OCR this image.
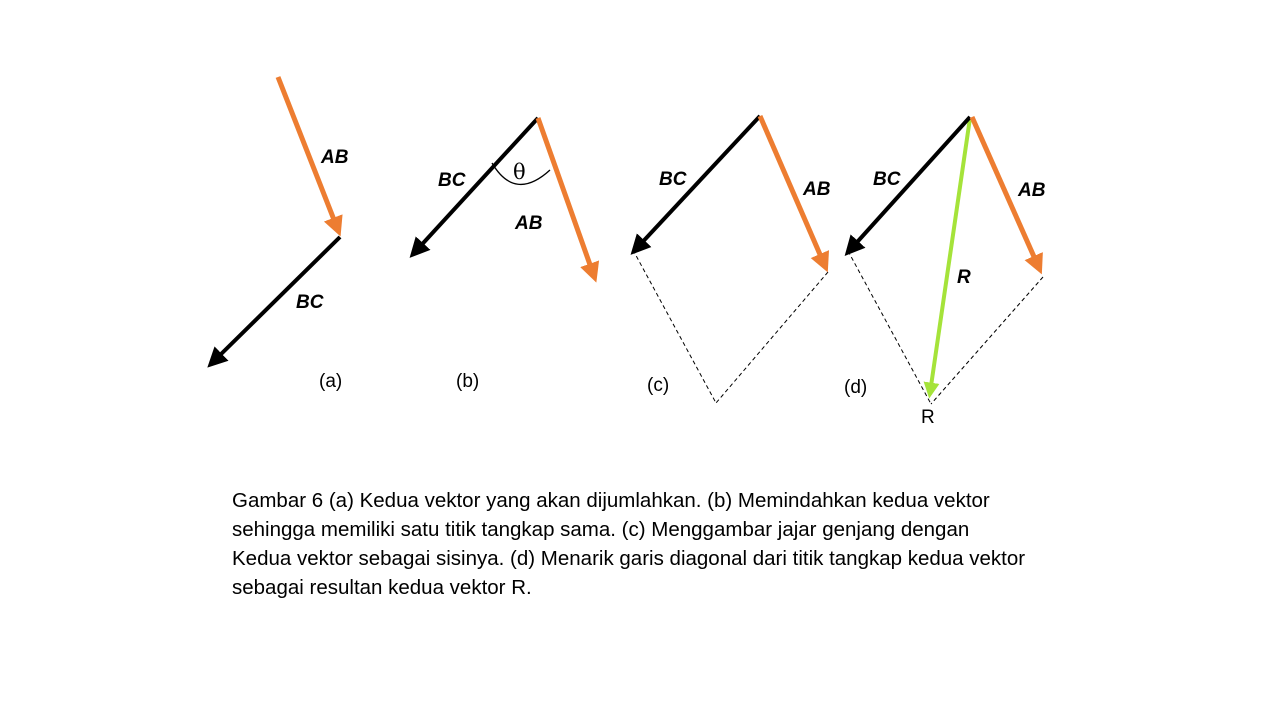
AB
BC
(a)
θ
BC
AB
(b)
BC	AB
(c)
BC
AB
R
R
(d)
Gambar 6 (a) Kedua vektor yang akan dijumlahkan. (b) Memindahkan kedua vektor
sehingga memiliki satu titik tangkap sama. (c) Menggambar jajar genjang dengan
Kedua vektor sebagai sisinya. (d) Menarik garis diagonal dari titik tangkap kedua vektor
sebagai resultan kedua vektor R.
